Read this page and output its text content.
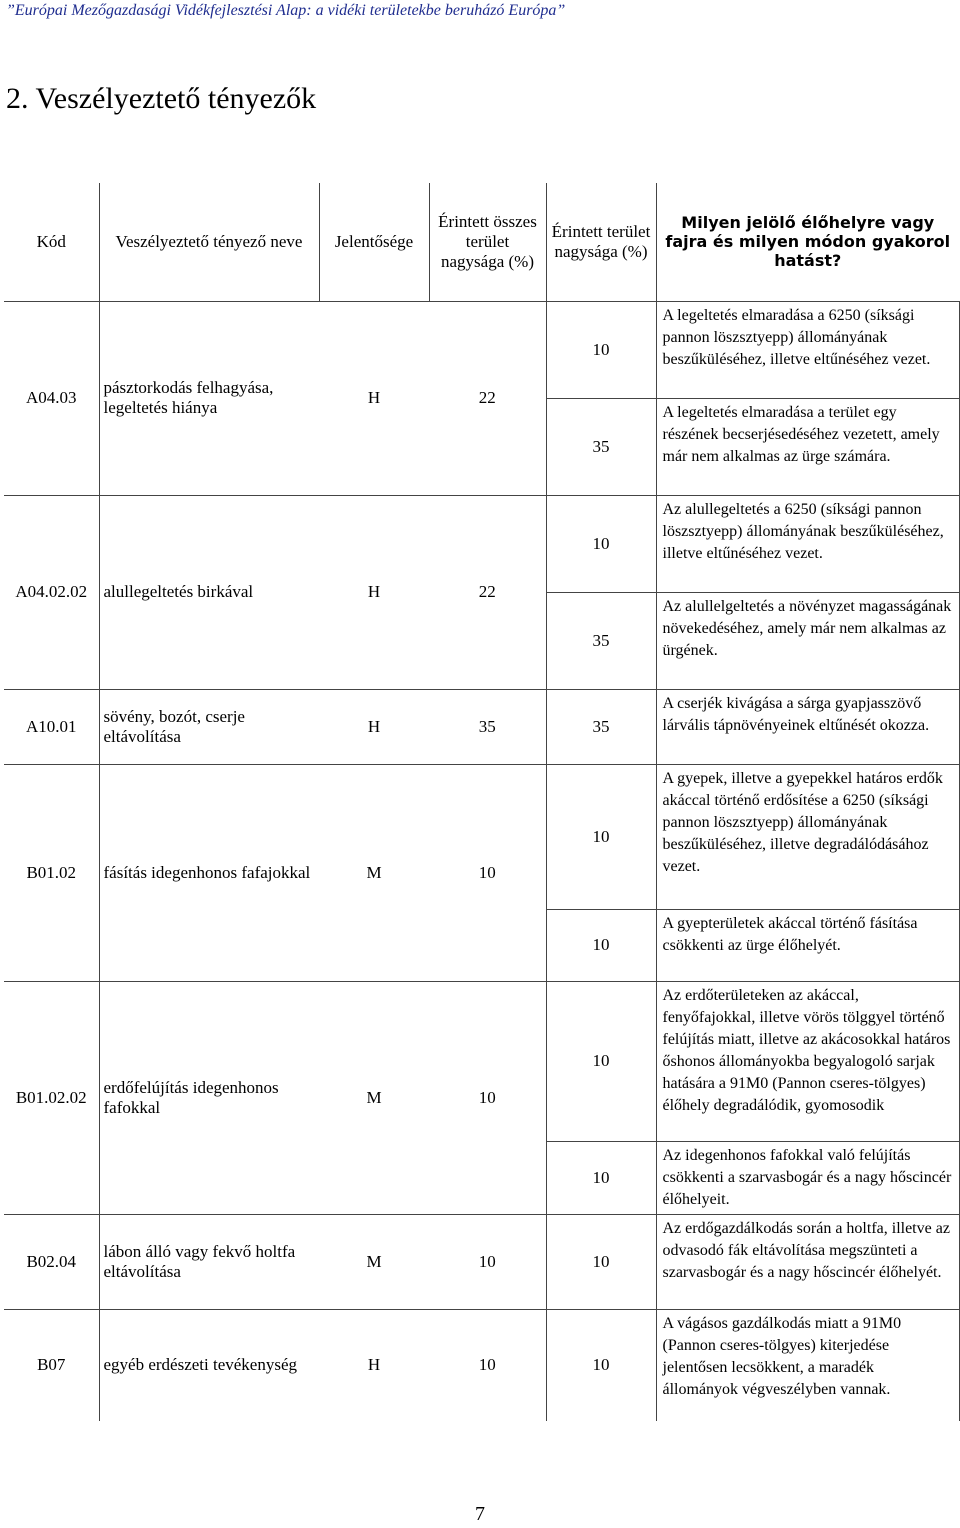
”Európai Mezőgazdasági Vidékfejlesztési Alap: a vidéki területekbe beruházó Európa”
2. Veszélyeztető tényezők
Kód	Veszélyeztető tényező neve	Jelentősége	Érintett összes terület nagysága (%)	Érintett terület nagysága (%)	Milyen jelölő élőhelyre vagy fajra és milyen módon gyakorol hatást?
A04.03	pásztorkodás felhagyása, legeltetés hiánya	H	22	10	A legeltetés elmaradása a 6250 (síksági pannon löszsztyepp) állományának beszűküléséhez, illetve eltűnéséhez vezet.
				35	A legeltetés elmaradása a terület egy részének becserjésedéséhez vezetett, amely már nem alkalmas az ürge számára.
A04.02.02	alullegeltetés birkával	H	22	10	Az alullegeltetés a 6250 (síksági pannon löszsztyepp) állományának beszűküléséhez, illetve eltűnéséhez vezet.
				35	Az alullelgeltetés a növényzet magasságának növekedéséhez, amely már nem alkalmas az ürgének.
A10.01	sövény, bozót, cserje eltávolítása	H	35	35	A cserjék kivágása a sárga gyapjasszövő lárvális tápnövényeinek eltűnését okozza.
B01.02	fásítás idegenhonos fafajokkal	M	10	10	A gyepek, illetve a gyepekkel határos erdők akáccal történő erdősítése a 6250 (síksági pannon löszsztyepp) állományának beszűküléséhez, illetve degradálódásához vezet.
				10	A gyepterületek akáccal történő fásítása csökkenti az ürge élőhelyét.
B01.02.02	erdőfelújítás idegenhonos fafokkal	M	10	10	Az erdőterületeken az akáccal, fenyőfajokkal, illetve vörös tölggyel történő felújítás miatt, illetve az akácosokkal határos őshonos állományokba begyalogoló sarjak hatására a 91M0 (Pannon cseres-tölgyes) élőhely degradálódik, gyomosodik
				10	Az idegenhonos fafokkal való felújítás csökkenti a szarvasbogár és a nagy hőscincér élőhelyeit.
B02.04	lábon álló vagy fekvő holtfa eltávolítása	M	10	10	Az erdőgazdálkodás során a holtfa, illetve az odvasodó fák eltávolítása megszünteti a szarvasbogár és a nagy hőscincér élőhelyét.
B07	egyéb erdészeti tevékenység	H	10	10	A vágásos gazdálkodás miatt a 91M0 (Pannon cseres-tölgyes) kiterjedése jelentősen lecsökkent, a maradék állományok végveszélyben vannak.
7
